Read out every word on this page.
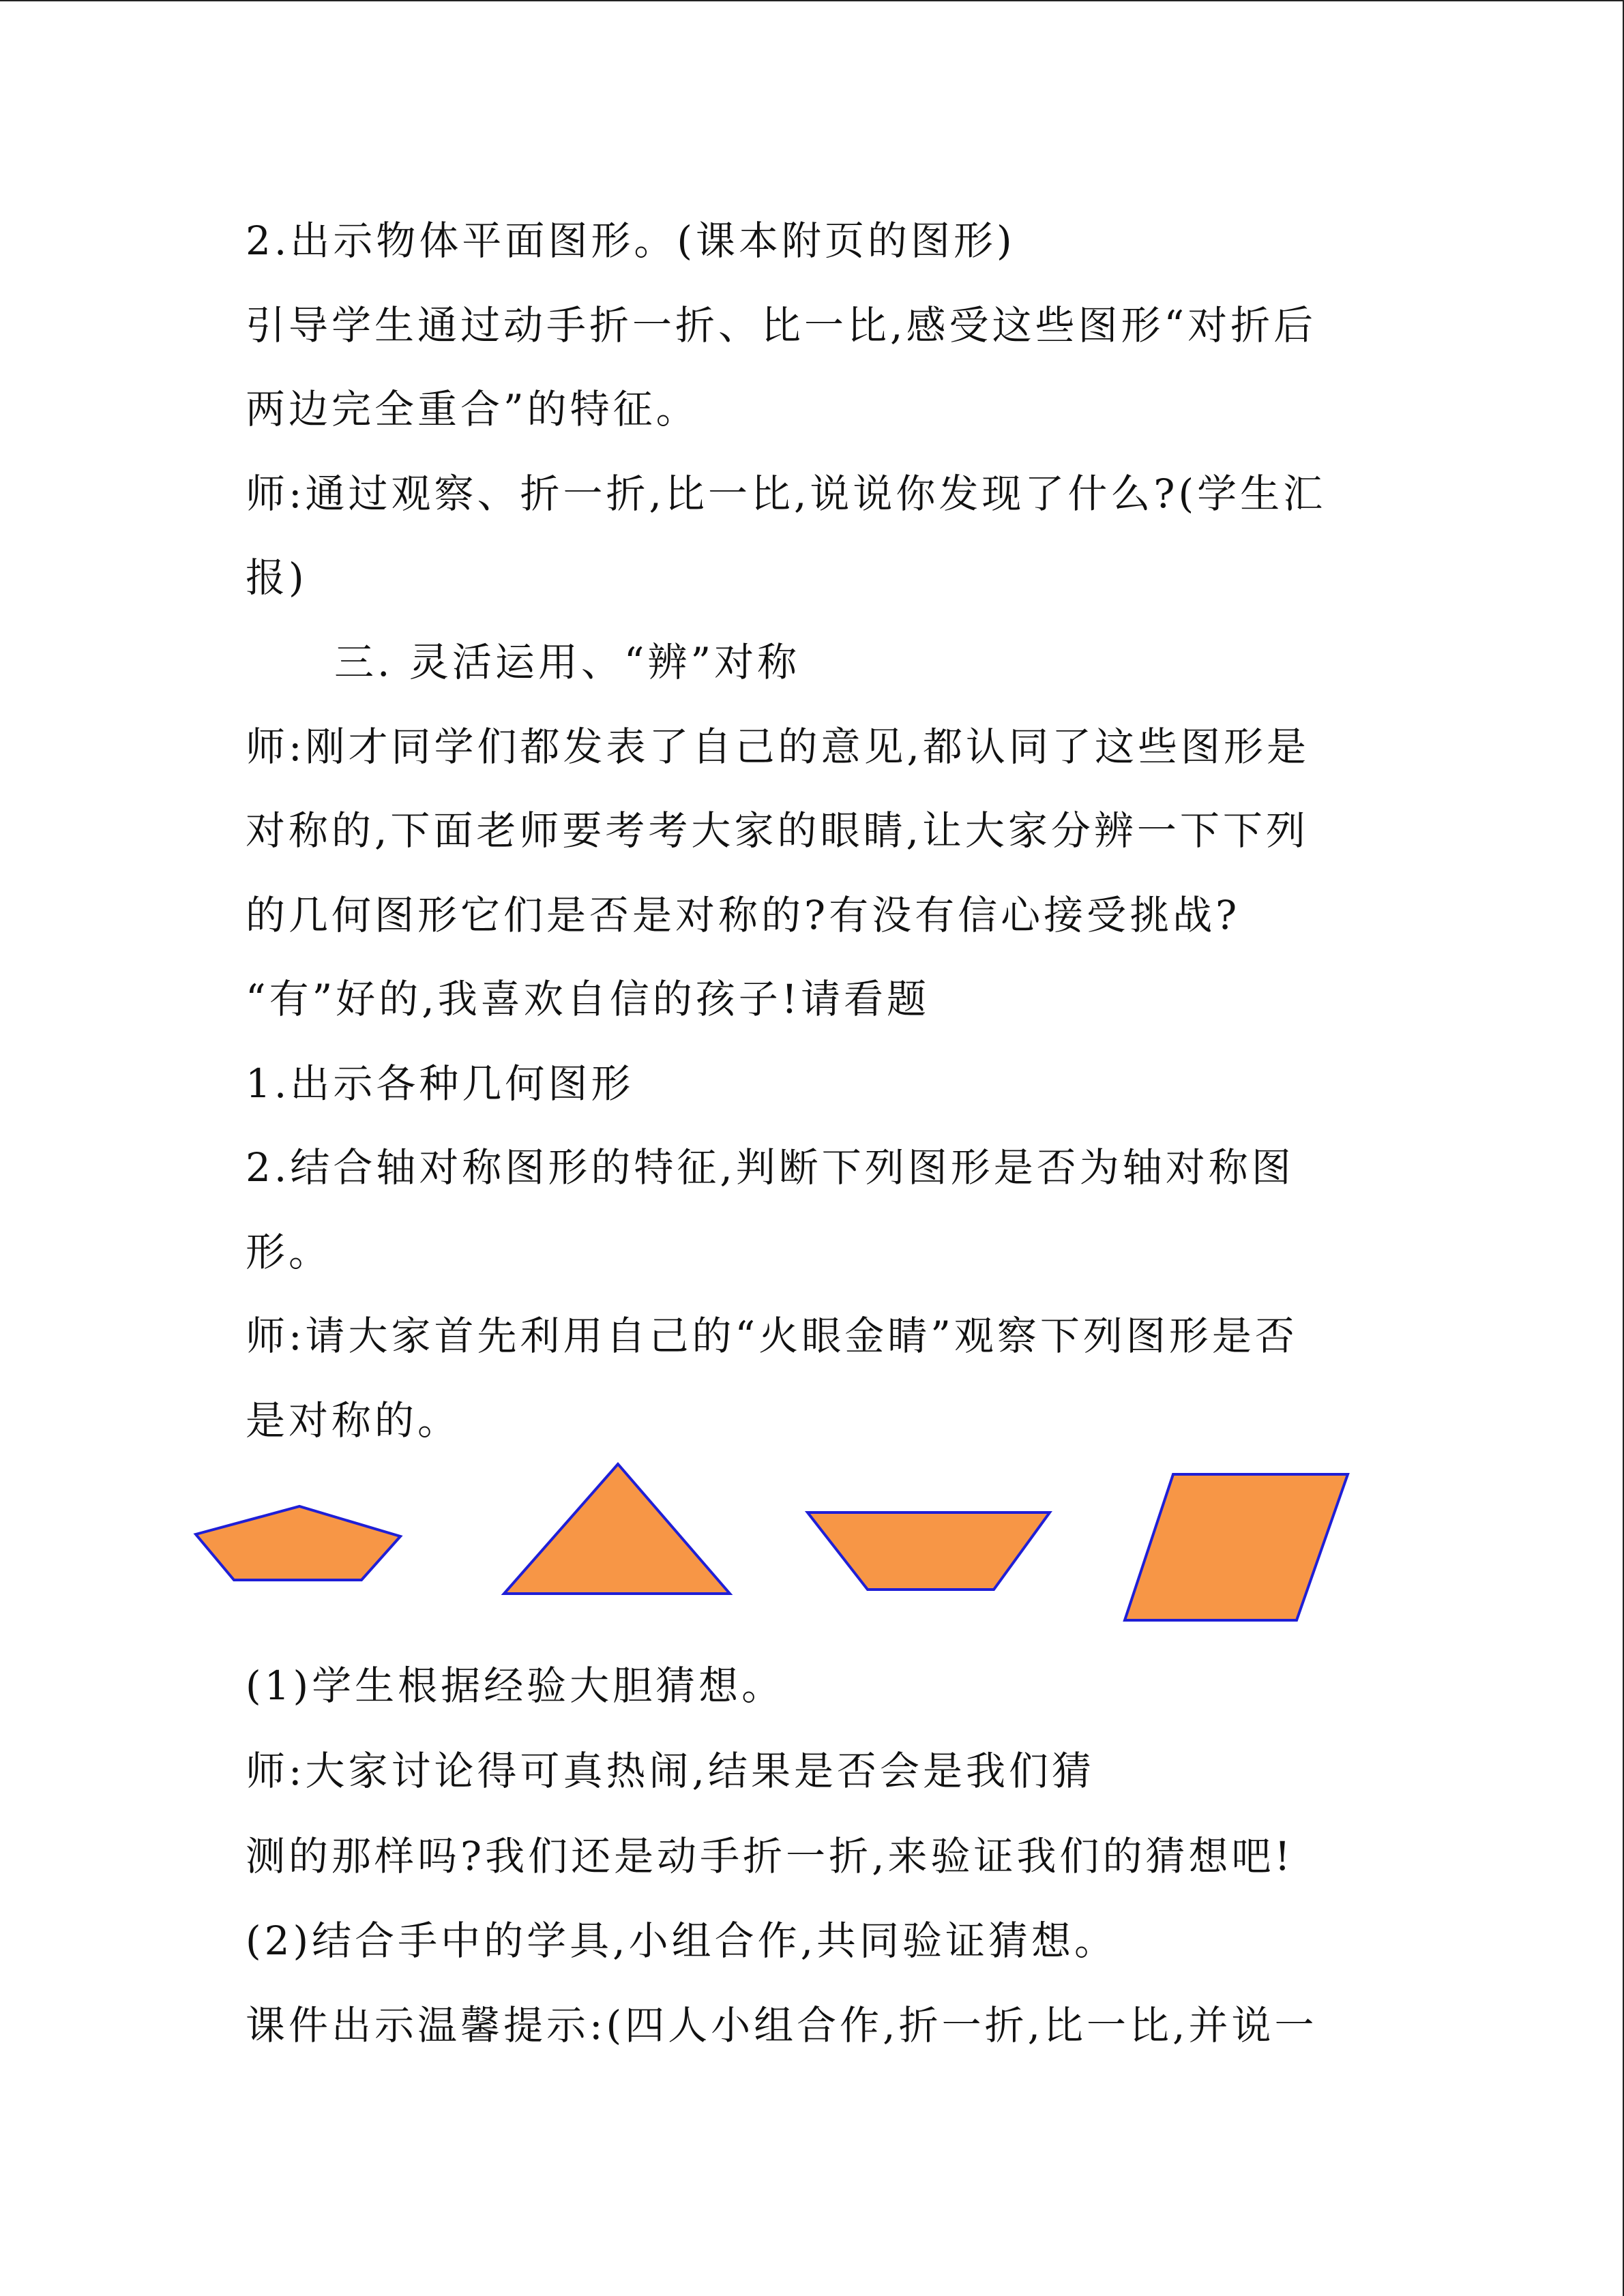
2.出示物体平面图形。(课本附页的图形)
引导学生通过动手折一折、比一比,感受这些图形“对折后
两边完全重合”的特征。
师:通过观察、折一折,比一比,说说你发现了什么?(学生汇
报)
三. 灵活运用、“辨”对称
师:刚才同学们都发表了自己的意见,都认同了这些图形是
对称的,下面老师要考考大家的眼睛,让大家分辨一下下列
的几何图形它们是否是对称的?有没有信心接受挑战?
“有”好的,我喜欢自信的孩子!请看题
1.出示各种几何图形
2.结合轴对称图形的特征,判断下列图形是否为轴对称图
形。
师:请大家首先利用自己的“火眼金睛”观察下列图形是否
是对称的。
(1)学生根据经验大胆猜想。
师:大家讨论得可真热闹,结果是否会是我们猜
测的那样吗?我们还是动手折一折,来验证我们的猜想吧!
(2)结合手中的学具,小组合作,共同验证猜想。
课件出示温馨提示:(四人小组合作,折一折,比一比,并说一
